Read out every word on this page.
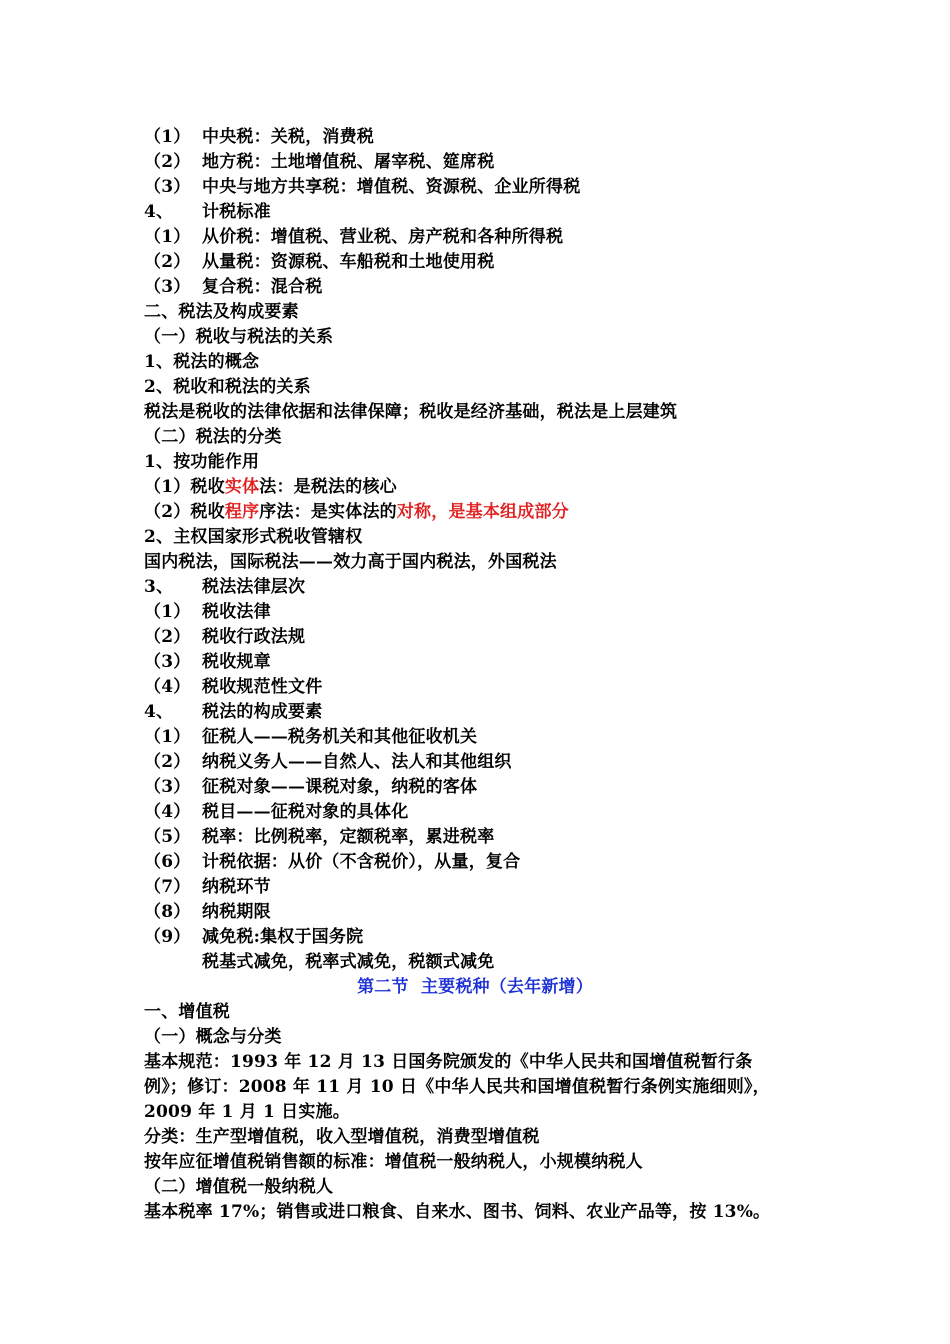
（1） 中央税：关税，消费税
（2） 地方税：土地增值税、屠宰税、筵席税
（3） 中央与地方共享税：增值税、资源税、企业所得税
4、 计税标准
（1） 从价税：增值税、营业税、房产税和各种所得税
（2） 从量税：资源税、车船税和土地使用税
（3） 复合税：混合税
二、税法及构成要素
（一）税收与税法的关系
1、税法的概念
2、税收和税法的关系
税法是税收的法律依据和法律保障；税收是经济基础，税法是上层建筑
（二）税法的分类
1、按功能作用
（1）税收实体法：是税法的核心
（2）税收程序序法：是实体法的对称，是基本组成部分
2、主权国家形式税收管辖权
国内税法，国际税法——效力高于国内税法，外国税法
3、 税法法律层次
（1） 税收法律
（2） 税收行政法规
（3） 税收规章
（4） 税收规范性文件
4、 税法的构成要素
（1） 征税人——税务机关和其他征收机关
（2） 纳税义务人——自然人、法人和其他组织
（3） 征税对象——课税对象，纳税的客体
（4） 税目——征税对象的具体化
（5） 税率：比例税率，定额税率，累进税率
（6） 计税依据：从价（不含税价），从量，复合
（7） 纳税环节
（8） 纳税期限
（9） 减免税:集权于国务院
税基式减免，税率式减免，税额式减免
第二节  主要税种（去年新增）
一、增值税
（一）概念与分类
基本规范：1993 年 12 月 13 日国务院颁发的《中华人民共和国增值税暂行条
例》；修订：2008 年 11 月 10 日《中华人民共和国增值税暂行条例实施细则》，
2009 年 1 月 1 日实施。
分类：生产型增值税，收入型增值税，消费型增值税
按年应征增值税销售额的标准：增值税一般纳税人，小规模纳税人
（二）增值税一般纳税人
基本税率 17%；销售或进口粮食、自来水、图书、饲料、农业产品等，按 13%。
